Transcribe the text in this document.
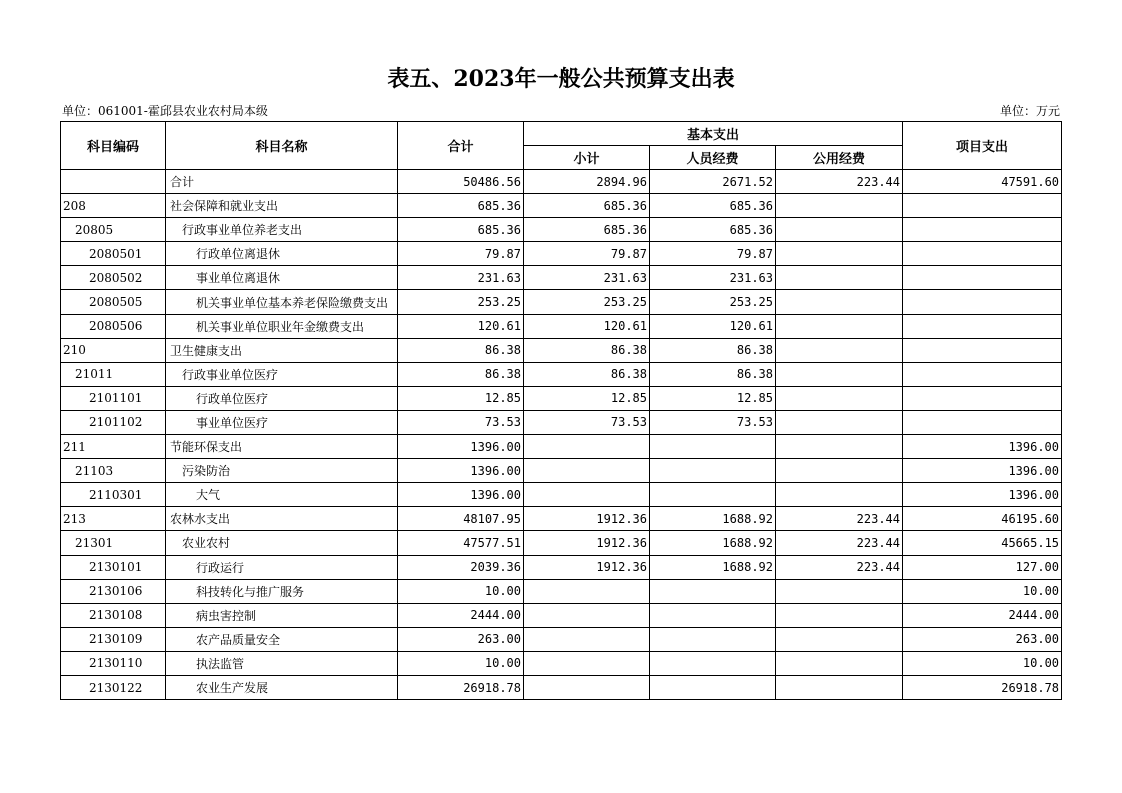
表五、2023年一般公共预算支出表
单位：061001-霍邱县农业农村局本级	单位：万元
科目编码	科目名称	合计	基本支出			项目支出
			小计	人员经费	公用经费	
	合计	50486.56	2894.96	2671.52	223.44	47591.60
208	社会保障和就业支出	685.36	685.36	685.36		
20805	行政事业单位养老支出	685.36	685.36	685.36		
2080501	行政单位离退休	79.87	79.87	79.87		
2080502	事业单位离退休	231.63	231.63	231.63		
2080505	机关事业单位基本养老保险缴费支出	253.25	253.25	253.25		
2080506	机关事业单位职业年金缴费支出	120.61	120.61	120.61		
210	卫生健康支出	86.38	86.38	86.38		
21011	行政事业单位医疗	86.38	86.38	86.38		
2101101	行政单位医疗	12.85	12.85	12.85		
2101102	事业单位医疗	73.53	73.53	73.53		
211	节能环保支出	1396.00				1396.00
21103	污染防治	1396.00				1396.00
2110301	大气	1396.00				1396.00
213	农林水支出	48107.95	1912.36	1688.92	223.44	46195.60
21301	农业农村	47577.51	1912.36	1688.92	223.44	45665.15
2130101	行政运行	2039.36	1912.36	1688.92	223.44	127.00
2130106	科技转化与推广服务	10.00				10.00
2130108	病虫害控制	2444.00				2444.00
2130109	农产品质量安全	263.00				263.00
2130110	执法监管	10.00				10.00
2130122	农业生产发展	26918.78				26918.78
